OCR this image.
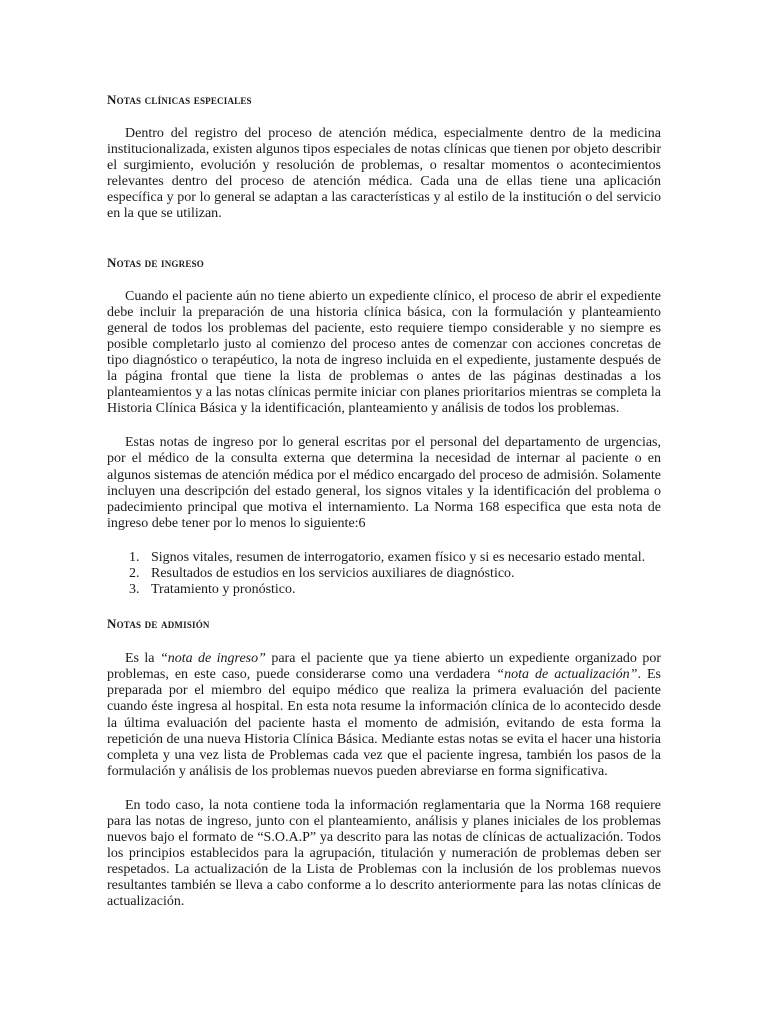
Notas clínicas especiales

Dentro del registro del proceso de atención médica, especialmente dentro de la medicina institucionalizada, existen algunos tipos especiales de notas clínicas que tienen por objeto describir el surgimiento, evolución y resolución de problemas, o resaltar momentos o acontecimientos relevantes dentro del proceso de atención médica. Cada una de ellas tiene una aplicación específica y por lo general se adaptan a las características y al estilo de la institución o del servicio en la que se utilizan.

Notas de ingreso

Cuando el paciente aún no tiene abierto un expediente clínico, el proceso de abrir el expediente debe incluir la preparación de una historia clínica básica, con la formulación y planteamiento general de todos los problemas del paciente, esto requiere tiempo considerable y no siempre es posible completarlo justo al comienzo del proceso antes de comenzar con acciones concretas de tipo diagnóstico o terapéutico, la nota de ingreso incluida en el expediente, justamente después de la página frontal que tiene la lista de problemas o antes de las páginas destinadas a los planteamientos y a las notas clínicas permite iniciar con planes prioritarios mientras se completa la Historia Clínica Básica y la identificación, planteamiento y análisis de todos los problemas.

Estas notas de ingreso por lo general escritas por el personal del departamento de urgencias, por el médico de la consulta externa que determina la necesidad de internar al paciente o en algunos sistemas de atención médica por el médico encargado del proceso de admisión. Solamente incluyen una descripción del estado general, los signos vitales y la identificación del problema o padecimiento principal que motiva el internamiento. La Norma 168 especifica que esta nota de ingreso debe tener por lo menos lo siguiente:6

1. Signos vitales, resumen de interrogatorio, examen físico y si es necesario estado mental.
2. Resultados de estudios en los servicios auxiliares de diagnóstico.
3. Tratamiento y pronóstico.
Notas de admisión

Es la “nota de ingreso” para el paciente que ya tiene abierto un expediente organizado por problemas, en este caso, puede considerarse como una verdadera “nota de actualización”. Es preparada por el miembro del equipo médico que realiza la primera evaluación del paciente cuando éste ingresa al hospital. En esta nota resume la información clínica de lo acontecido desde la última evaluación del paciente hasta el momento de admisión, evitando de esta forma la repetición de una nueva Historia Clínica Básica. Mediante estas notas se evita el hacer una historia completa y una vez lista de Problemas cada vez que el paciente ingresa, también los pasos de la formulación y análisis de los problemas nuevos pueden abreviarse en forma significativa.

En todo caso, la nota contiene toda la información reglamentaria que la Norma 168 requiere para las notas de ingreso, junto con el planteamiento, análisis y planes iniciales de los problemas nuevos bajo el formato de “S.O.A.P” ya descrito para las notas de clínicas de actualización. Todos los principios establecidos para la agrupación, titulación y numeración de problemas deben ser respetados. La actualización de la Lista de Problemas con la inclusión de los problemas nuevos resultantes también se lleva a cabo conforme a lo descrito anteriormente para las notas clínicas de actualización.
